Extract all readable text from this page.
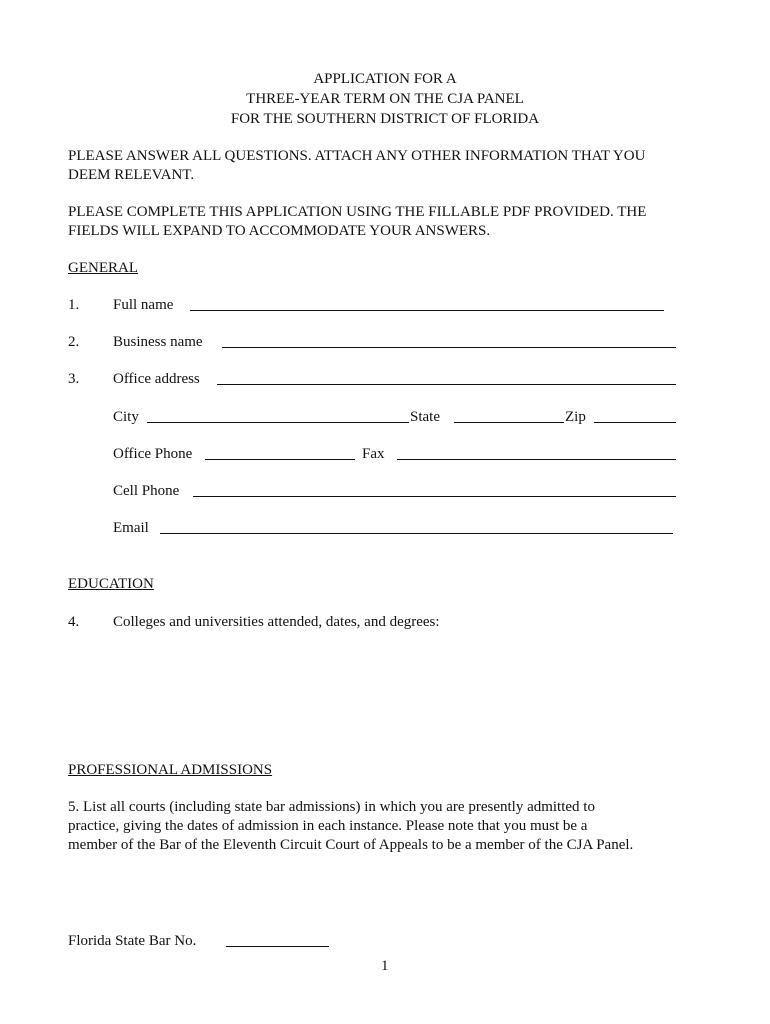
APPLICATION FOR A
THREE-YEAR TERM ON THE CJA PANEL
FOR THE SOUTHERN DISTRICT OF FLORIDA
PLEASE ANSWER ALL QUESTIONS. ATTACH ANY OTHER INFORMATION THAT YOU
DEEM RELEVANT.
PLEASE COMPLETE THIS APPLICATION USING THE FILLABLE PDF PROVIDED. THE
FIELDS WILL EXPAND TO ACCOMMODATE YOUR ANSWERS.
GENERAL
1. Full name
2. Business name
3. Office address
City	State	Zip
Office Phone	Fax
Cell Phone
Email
EDUCATION
4. Colleges and universities attended, dates, and degrees:
PROFESSIONAL ADMISSIONS
5. List all courts (including state bar admissions) in which you are presently admitted to
practice, giving the dates of admission in each instance. Please note that you must be a
member of the Bar of the Eleventh Circuit Court of Appeals to be a member of the CJA Panel.
Florida State Bar No.
1
